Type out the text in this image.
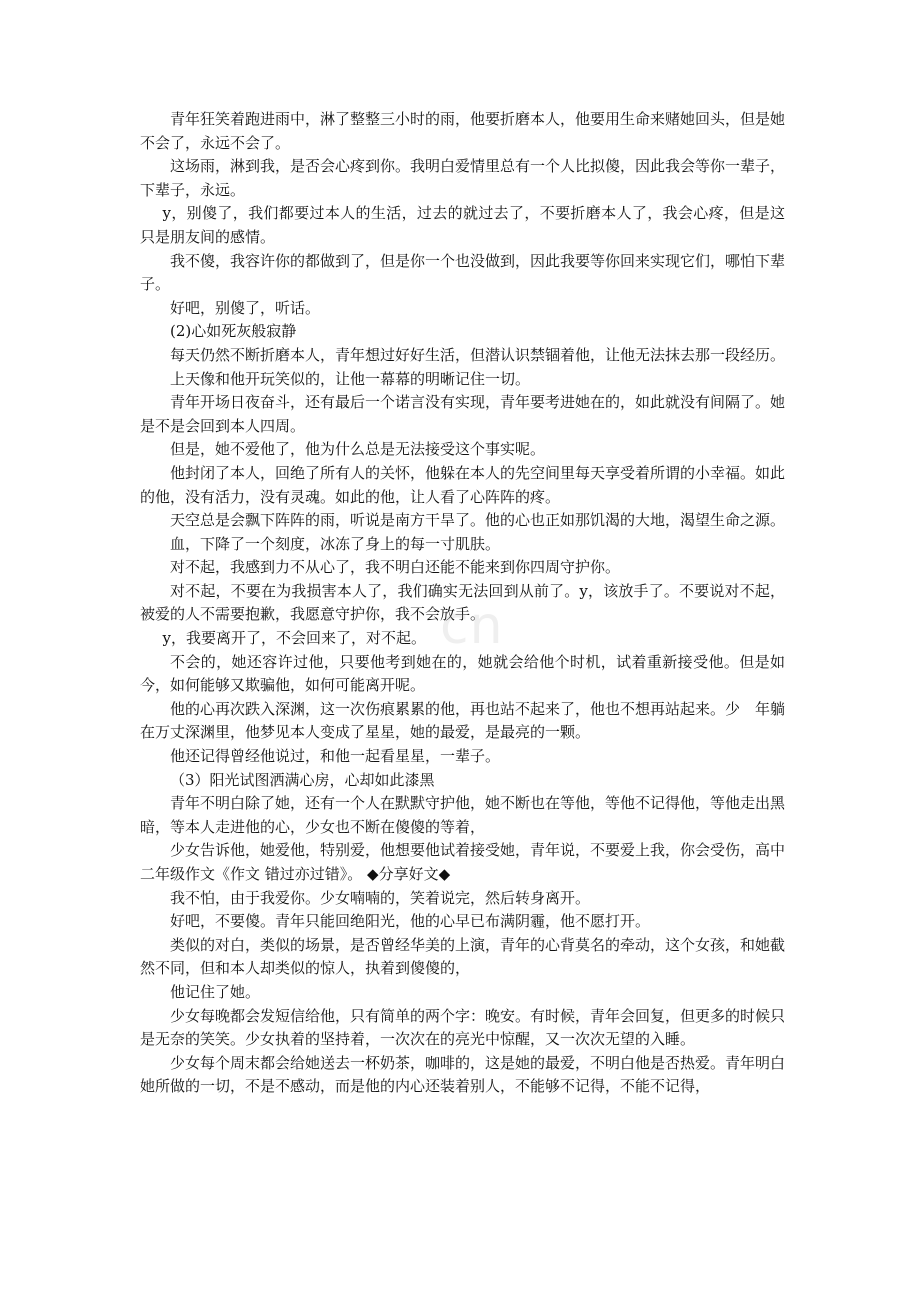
青年狂笑着跑进雨中，淋了整整三小时的雨，他要折磨本人，他要用生命来赌她回头，但是她不会了，永远不会了。

这场雨，淋到我，是否会心疼到你。我明白爱情里总有一个人比拟傻，因此我会等你一辈子，下辈子，永远。

y，别傻了，我们都要过本人的生活，过去的就过去了，不要折磨本人了，我会心疼，但是这只是朋友间的感情。

我不傻，我容许你的都做到了，但是你一个也没做到，因此我要等你回来实现它们，哪怕下辈子。

好吧，别傻了，听话。

(2)心如死灰般寂静

每天仍然不断折磨本人，青年想过好好生活，但潜认识禁锢着他，让他无法抹去那一段经历。

上天像和他开玩笑似的，让他一幕幕的明晰记住一切。

青年开场日夜奋斗，还有最后一个诺言没有实现，青年要考进她在的，如此就没有间隔了。她是不是会回到本人四周。

但是，她不爱他了，他为什么总是无法接受这个事实呢。

他封闭了本人，回绝了所有人的关怀，他躲在本人的先空间里每天享受着所谓的小幸福。如此的他，没有活力，没有灵魂。如此的他，让人看了心阵阵的疼。

天空总是会飘下阵阵的雨，听说是南方干旱了。他的心也正如那饥渴的大地，渴望生命之源。

血，下降了一个刻度，冰冻了身上的每一寸肌肤。

对不起，我感到力不从心了，我不明白还能不能来到你四周守护你。

对不起，不要在为我损害本人了，我们确实无法回到从前了。y，该放手了。不要说对不起，被爱的人不需要抱歉，我愿意守护你，我不会放手。

y，我要离开了，不会回来了，对不起。

不会的，她还容许过他，只要他考到她在的，她就会给他个时机，试着重新接受他。但是如今，如何能够又欺骗他，如何可能离开呢。

他的心再次跌入深渊，这一次伤痕累累的他，再也站不起来了，他也不想再站起来。少　年躺在万丈深渊里，他梦见本人变成了星星，她的最爱，是最亮的一颗。

他还记得曾经他说过，和他一起看星星，一辈子。

（3）阳光试图洒满心房，心却如此漆黑

青年不明白除了她，还有一个人在默默守护他，她不断也在等他，等他不记得他，等他走出黑暗，等本人走进他的心，少女也不断在傻傻的等着，

少女告诉他，她爱他，特别爱，他想要他试着接受她，青年说，不要爱上我，你会受伤，高中二年级作文《作文 错过亦过错》。 ◆分享好文◆

我不怕，由于我爱你。少女喃喃的，笑着说完，然后转身离开。

好吧，不要傻。青年只能回绝阳光，他的心早已布满阴霾，他不愿打开。

类似的对白，类似的场景，是否曾经华美的上演，青年的心背莫名的牵动，这个女孩，和她截然不同，但和本人却类似的惊人，执着到傻傻的，

他记住了她。

少女每晚都会发短信给他，只有简单的两个字：晚安。有时候，青年会回复，但更多的时候只是无奈的笑笑。少女执着的坚持着，一次次在的亮光中惊醒，又一次次无望的入睡。

少女每个周末都会给她送去一杯奶茶，咖啡的，这是她的最爱，不明白他是否热爱。青年明白她所做的一切，不是不感动，而是他的内心还装着别人，不能够不记得，不能不记得，

cn
